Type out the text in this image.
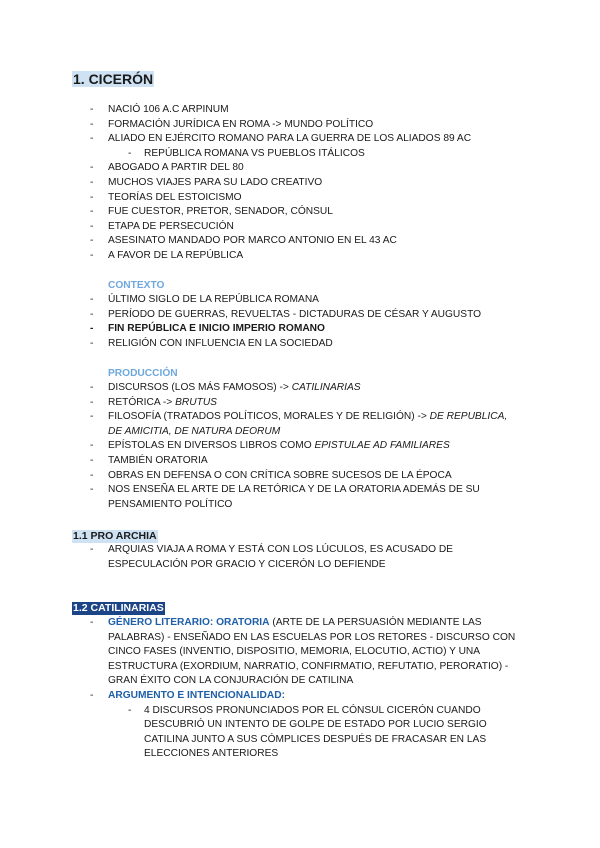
1. CICERÓN
- NACIÓ 106 A.C ARPINUM
- FORMACIÓN JURÍDICA EN ROMA -> MUNDO POLÍTICO
- ALIADO EN EJÉRCITO ROMANO PARA LA GUERRA DE LOS ALIADOS 89 AC
- REPÚBLICA ROMANA VS PUEBLOS ITÁLICOS
- ABOGADO A PARTIR DEL 80
- MUCHOS VIAJES PARA SU LADO CREATIVO
- TEORÍAS DEL ESTOICISMO
- FUE CUESTOR, PRETOR, SENADOR, CÓNSUL
- ETAPA DE PERSECUCIÓN
- ASESINATO MANDADO POR MARCO ANTONIO EN EL 43 AC
- A FAVOR DE LA REPÚBLICA
CONTEXTO
- ÚLTIMO SIGLO DE LA REPÚBLICA ROMANA
- PERÍODO DE GUERRAS, REVUELTAS - DICTADURAS DE CÉSAR Y AUGUSTO
- FIN REPÚBLICA E INICIO IMPERIO ROMANO
- RELIGIÓN CON INFLUENCIA EN LA SOCIEDAD
PRODUCCIÓN
- DISCURSOS (LOS MÁS FAMOSOS) -> CATILINARIAS
- RETÓRICA -> BRUTUS
- FILOSOFÍA (TRATADOS POLÍTICOS, MORALES Y DE RELIGIÓN) -> DE REPUBLICA, DE AMICITIA, DE NATURA DEORUM
- EPÍSTOLAS EN DIVERSOS LIBROS COMO EPISTULAE AD FAMILIARES
- TAMBIÉN ORATORIA
- OBRAS EN DEFENSA O CON CRÍTICA SOBRE SUCESOS DE LA ÉPOCA
- NOS ENSEÑA EL ARTE DE LA RETÓRICA Y DE LA ORATORIA ADEMÁS DE SU PENSAMIENTO POLÍTICO
1.1 PRO ARCHIA
- ARQUIAS VIAJA A ROMA Y ESTÁ CON LOS LÚCULOS, ES ACUSADO DE ESPECULACIÓN POR GRACIO Y CICERÓN LO DEFIENDE
1.2 CATILINARIAS
- GÉNERO LITERARIO: ORATORIA (ARTE DE LA PERSUASIÓN MEDIANTE LAS PALABRAS) - ENSEÑADO EN LAS ESCUELAS POR LOS RETORES - DISCURSO CON CINCO FASES (INVENTIO, DISPOSITIO, MEMORIA, ELOCUTIO, ACTIO) Y UNA ESTRUCTURA (EXORDIUM, NARRATIO, CONFIRMATIO, REFUTATIO, PERORATIO) - GRAN ÉXITO CON LA CONJURACIÓN DE CATILINA
- ARGUMENTO E INTENCIONALIDAD:
- 4 DISCURSOS PRONUNCIADOS POR EL CÓNSUL CICERÓN CUANDO DESCUBRIÓ UN INTENTO DE GOLPE DE ESTADO POR LUCIO SERGIO CATILINA JUNTO A SUS CÓMPLICES DESPUÉS DE FRACASAR EN LAS ELECCIONES ANTERIORES
